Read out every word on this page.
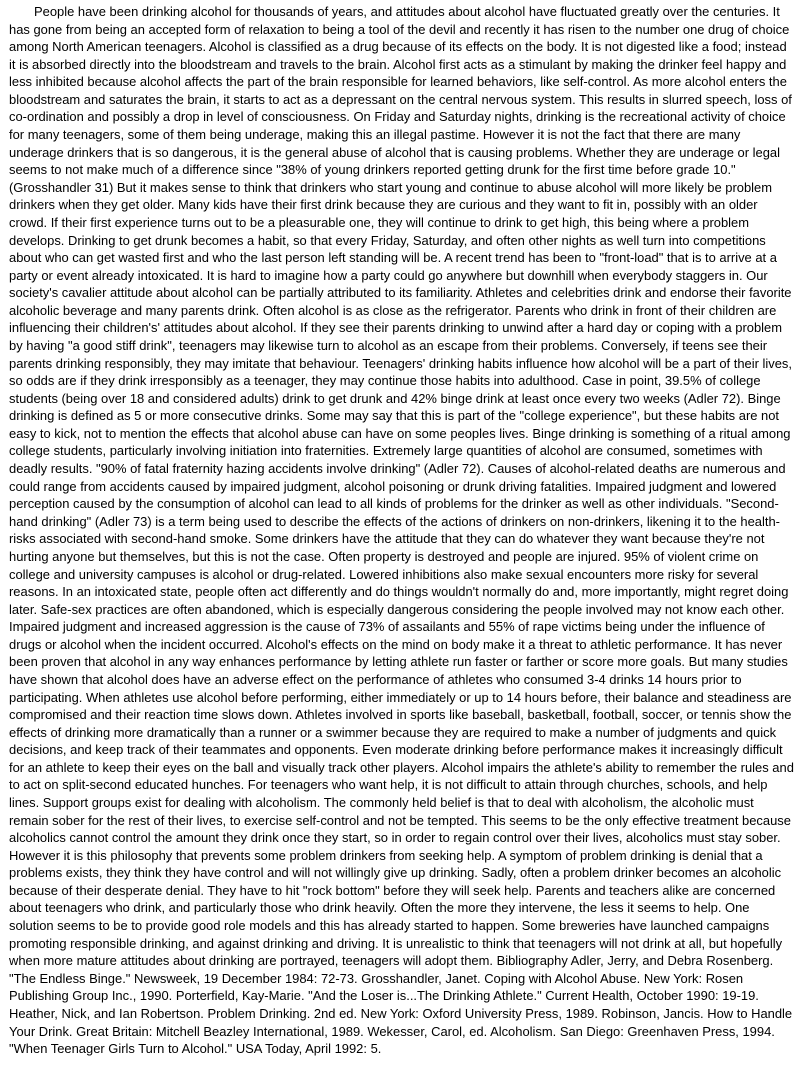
People have been drinking alcohol for thousands of years, and attitudes about alcohol have fluctuated greatly over the centuries. It has gone from being an accepted form of relaxation to being a tool of the devil and recently it has risen to the number one drug of choice among North American teenagers. Alcohol is classified as a drug because of its effects on the body. It is not digested like a food; instead it is absorbed directly into the bloodstream and travels to the brain. Alcohol first acts as a stimulant by making the drinker feel happy and less inhibited because alcohol affects the part of the brain responsible for learned behaviors, like self-control. As more alcohol enters the bloodstream and saturates the brain, it starts to act as a depressant on the central nervous system. This results in slurred speech, loss of co-ordination and possibly a drop in level of consciousness. On Friday and Saturday nights, drinking is the recreational activity of choice for many teenagers, some of them being underage, making this an illegal pastime. However it is not the fact that there are many underage drinkers that is so dangerous, it is the general abuse of alcohol that is causing problems. Whether they are underage or legal seems to not make much of a difference since "38% of young drinkers reported getting drunk for the first time before grade 10." (Grosshandler 31) But it makes sense to think that drinkers who start young and continue to abuse alcohol will more likely be problem drinkers when they get older. Many kids have their first drink because they are curious and they want to fit in, possibly with an older crowd. If their first experience turns out to be a pleasurable one, they will continue to drink to get high, this being where a problem develops. Drinking to get drunk becomes a habit, so that every Friday, Saturday, and often other nights as well turn into competitions about who can get wasted first and who the last person left standing will be. A recent trend has been to "front-load" that is to arrive at a party or event already intoxicated. It is hard to imagine how a party could go anywhere but downhill when everybody staggers in. Our society's cavalier attitude about alcohol can be partially attributed to its familiarity. Athletes and celebrities drink and endorse their favorite alcoholic beverage and many parents drink. Often alcohol is as close as the refrigerator. Parents who drink in front of their children are influencing their children's' attitudes about alcohol. If they see their parents drinking to unwind after a hard day or coping with a problem by having "a good stiff drink", teenagers may likewise turn to alcohol as an escape from their problems. Conversely, if teens see their parents drinking responsibly, they may imitate that behaviour. Teenagers' drinking habits influence how alcohol will be a part of their lives, so odds are if they drink irresponsibly as a teenager, they may continue those habits into adulthood. Case in point, 39.5% of college students (being over 18 and considered adults) drink to get drunk and 42% binge drink at least once every two weeks (Adler 72). Binge drinking is defined as 5 or more consecutive drinks. Some may say that this is part of the "college experience", but these habits are not easy to kick, not to mention the effects that alcohol abuse can have on some peoples lives. Binge drinking is something of a ritual among college students, particularly involving initiation into fraternities. Extremely large quantities of alcohol are consumed, sometimes with deadly results. "90% of fatal fraternity hazing accidents involve drinking" (Adler 72). Causes of alcohol-related deaths are numerous and could range from accidents caused by impaired judgment, alcohol poisoning or drunk driving fatalities. Impaired judgment and lowered perception caused by the consumption of alcohol can lead to all kinds of problems for the drinker as well as other individuals. "Second-hand drinking" (Adler 73) is a term being used to describe the effects of the actions of drinkers on non-drinkers, likening it to the health-risks associated with second-hand smoke. Some drinkers have the attitude that they can do whatever they want because they're not hurting anyone but themselves, but this is not the case. Often property is destroyed and people are injured. 95% of violent crime on college and university campuses is alcohol or drug-related. Lowered inhibitions also make sexual encounters more risky for several reasons. In an intoxicated state, people often act differently and do things wouldn't normally do and, more importantly, might regret doing later. Safe-sex practices are often abandoned, which is especially dangerous considering the people involved may not know each other. Impaired judgment and increased aggression is the cause of 73% of assailants and 55% of rape victims being under the influence of drugs or alcohol when the incident occurred. Alcohol's effects on the mind on body make it a threat to athletic performance. It has never been proven that alcohol in any way enhances performance by letting athlete run faster or farther or score more goals. But many studies have shown that alcohol does have an adverse effect on the performance of athletes who consumed 3-4 drinks 14 hours prior to participating. When athletes use alcohol before performing, either immediately or up to 14 hours before, their balance and steadiness are compromised and their reaction time slows down. Athletes involved in sports like baseball, basketball, football, soccer, or tennis show the effects of drinking more dramatically than a runner or a swimmer because they are required to make a number of judgments and quick decisions, and keep track of their teammates and opponents. Even moderate drinking before performance makes it increasingly difficult for an athlete to keep their eyes on the ball and visually track other players. Alcohol impairs the athlete's ability to remember the rules and to act on split-second educated hunches. For teenagers who want help, it is not difficult to attain through churches, schools, and help lines. Support groups exist for dealing with alcoholism. The commonly held belief is that to deal with alcoholism, the alcoholic must remain sober for the rest of their lives, to exercise self-control and not be tempted. This seems to be the only effective treatment because alcoholics cannot control the amount they drink once they start, so in order to regain control over their lives, alcoholics must stay sober. However it is this philosophy that prevents some problem drinkers from seeking help. A symptom of problem drinking is denial that a problems exists, they think they have control and will not willingly give up drinking. Sadly, often a problem drinker becomes an alcoholic because of their desperate denial. They have to hit "rock bottom" before they will seek help. Parents and teachers alike are concerned about teenagers who drink, and particularly those who drink heavily. Often the more they intervene, the less it seems to help. One solution seems to be to provide good role models and this has already started to happen. Some breweries have launched campaigns promoting responsible drinking, and against drinking and driving. It is unrealistic to think that teenagers will not drink at all, but hopefully when more mature attitudes about drinking are portrayed, teenagers will adopt them. Bibliography Adler, Jerry, and Debra Rosenberg. "The Endless Binge." Newsweek, 19 December 1984: 72-73. Grosshandler, Janet. Coping with Alcohol Abuse. New York: Rosen Publishing Group Inc., 1990. Porterfield, Kay-Marie. "And the Loser is...The Drinking Athlete." Current Health, October 1990: 19-19. Heather, Nick, and Ian Robertson. Problem Drinking. 2nd ed. New York: Oxford University Press, 1989. Robinson, Jancis. How to Handle Your Drink. Great Britain: Mitchell Beazley International, 1989. Wekesser, Carol, ed. Alcoholism. San Diego: Greenhaven Press, 1994. "When Teenager Girls Turn to Alcohol." USA Today, April 1992: 5.
